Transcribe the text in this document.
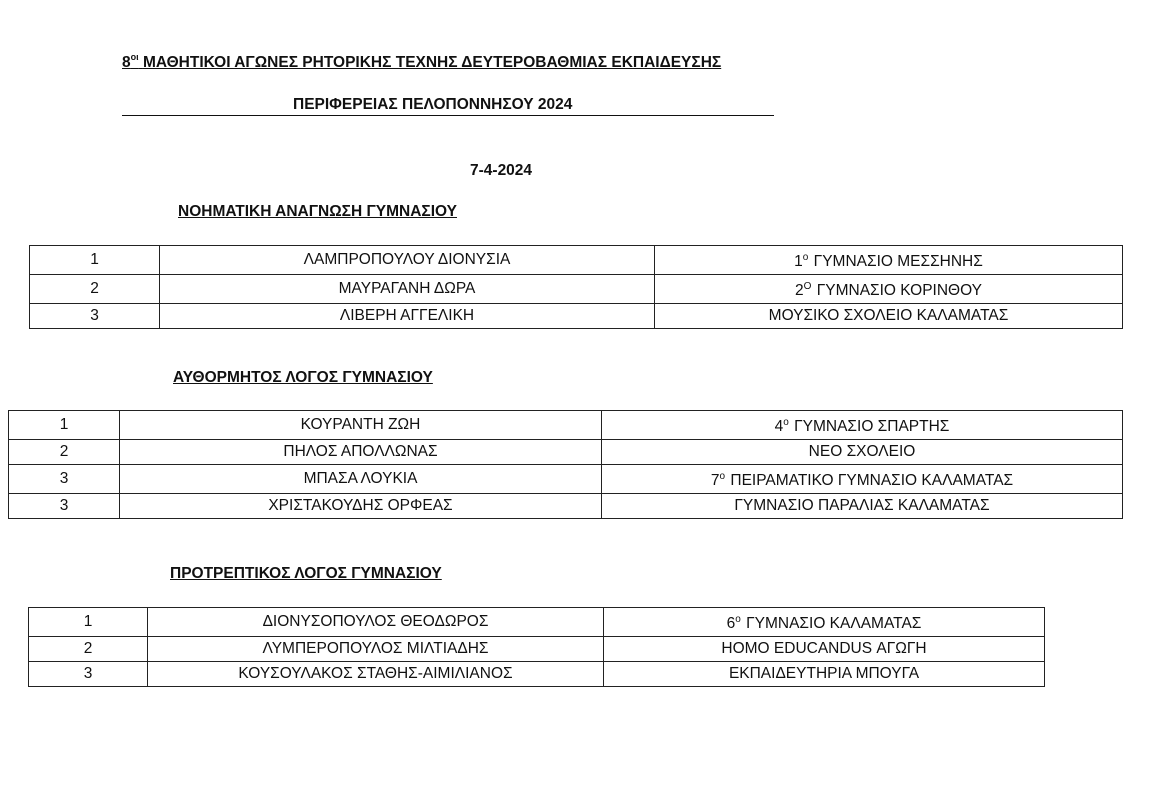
$8^{o\iota}$ ΜΑΘΗΤΙΚΟΙ ΑΓΩΝΕΣ ΡΗΤΟΡΙΚΗΣ ΤΕΧΝΗΣ ΔΕΥΤΕΡΟΒΑΘΜΙΑΣ ΕΚΠΑΙΔΕΥΣΗΣ
ΠΕΡΙΦΕΡΕΙΑΣ ΠΕΛΟΠΟΝΝΗΣΟΥ 2024
7-4-2024
ΝΟΗΜΑΤΙΚΗ ΑΝΑΓΝΩΣΗ ΓΥΜΝΑΣΙΟΥ
1	ΛΑΜΠΡΟΠΟΥΛΟΥ ΔΙΟΝΥΣΙΑ	$1^o$ ΓΥΜΝΑΣΙΟ ΜΕΣΣΗΝΗΣ
2	ΜΑΥΡΑΓΑΝΗ ΔΩΡΑ	$2^O$ ΓΥΜΝΑΣΙΟ ΚΟΡΙΝΘΟΥ
3	ΛΙΒΕΡΗ ΑΓΓΕΛΙΚΗ	ΜΟΥΣΙΚΟ ΣΧΟΛΕΙΟ ΚΑΛΑΜΑΤΑΣ
ΑΥΘΟΡΜΗΤΟΣ ΛΟΓΟΣ ΓΥΜΝΑΣΙΟΥ
1	ΚΟΥΡΑΝΤΗ ΖΩΗ	$4^o$ ΓΥΜΝΑΣΙΟ ΣΠΑΡΤΗΣ
2	ΠΗΛΟΣ ΑΠΟΛΛΩΝΑΣ	ΝΕΟ ΣΧΟΛΕΙΟ
3	ΜΠΑΣΑ ΛΟΥΚΙΑ	$7^o$ ΠΕΙΡΑΜΑΤΙΚΟ ΓΥΜΝΑΣΙΟ ΚΑΛΑΜΑΤΑΣ
3	ΧΡΙΣΤΑΚΟΥΔΗΣ ΟΡΦΕΑΣ	ΓΥΜΝΑΣΙΟ ΠΑΡΑΛΙΑΣ ΚΑΛΑΜΑΤΑΣ
ΠΡΟΤΡΕΠΤΙΚΟΣ ΛΟΓΟΣ ΓΥΜΝΑΣΙΟΥ
1	ΔΙΟΝΥΣΟΠΟΥΛΟΣ ΘΕΟΔΩΡΟΣ	$6^o$ ΓΥΜΝΑΣΙΟ ΚΑΛΑΜΑΤΑΣ
2	ΛΥΜΠΕΡΟΠΟΥΛΟΣ ΜΙΛΤΙΑΔΗΣ	HOMO EDUCANDUS ΑΓΩΓΗ
3	ΚΟΥΣΟΥΛΑΚΟΣ ΣΤΑΘΗΣ-ΑΙΜΙΛΙΑΝΟΣ	ΕΚΠΑΙΔΕΥΤΗΡΙΑ ΜΠΟΥΓΑ
